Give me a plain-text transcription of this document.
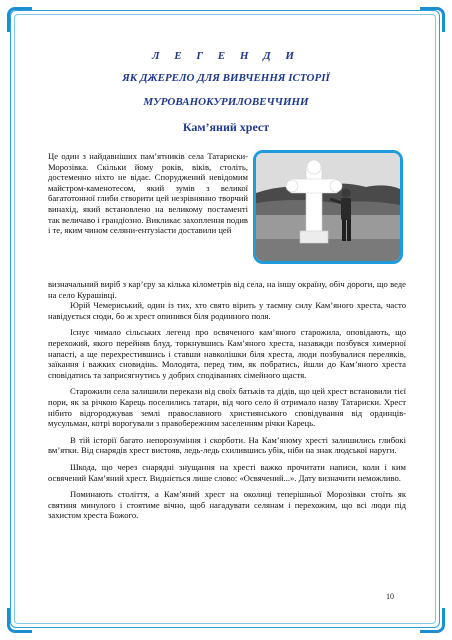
Л Е Г Е Н Д И
ЯК ДЖЕРЕЛО ДЛЯ ВИВЧЕННЯ ІСТОРІЇ
МУРОВАНОКУРИЛОВЕЧЧИНИ
Кам’яний хрест

Це один з найдавніших пам’ятників села Татариски-Морозівка. Скільки йому років, віків, століть, достеменно ніхто не відає. Споруджений невідомим майстром-каменотесом, який зумів з великої багатотонної глиби створити цей незрівнянно творчий винахід, який встановлено на великому постаменті так величаво і грандіозно. Викликає захоплення подив і те, яким чином селяни-ентузіасти доставили цей

визначальний виріб з кар’єру за кілька кілометрів від села, на іншу окраїну, обіч дороги, що веде на село Курашівці.

Юрій Чемериський, один із тих, хто свято вірить у таємну силу Кам’яного хреста, часто навідується сюди, бо ж хрест опинився біля родинного поля.

Існує чимало сільських легенд про освяченого кам’яного старожила, оповідають, що перехожий, якого перейняв блуд, торкнувшись Кам’яного хреста, назавжди позбувся химерної напасті, а ще перехрестившись і ставши навколішки біля хреста, люди позбувалися переляків, заїкання і важких сновидінь. Молодята, перед тим, як побратись, йшли до Кам’яного хреста сповідатись та заприсягнутись у добрих сподіваннях сімейного щастя.

Старожили села залишили перекази від своїх батьків та дідів, що цей хрест встановили тієї пори, як за річкою Карець поселились татари, від чого село й отримало назву Татариски. Хрест нібито відгороджував землі православного християнського сповідування від ординців-мусульман, котрі ворогували з правобережним заселенням річки Карець.

В тій історії багато непорозуміння і скорботи. На Кам’яному хресті залишились глибокі вм’ятки. Від снарядів хрест вистояв, ледь-ледь схилившись убік, ніби на знак людської наруги.

Шкода, що через снарядні знущання на хресті важко прочитати написи, коли і ким освячений Кам’яний хрест. Видніється лише слово: «Освячений...». Дату визначити неможливо.

Поминають століття, а Кам’яний хрест на околиці теперішньої Морозівки стоїть як святиня минулого і стоятиме вічно, щоб нагадувати селянам і перехожим, що всі люди під захистом хреста Божого.

10
